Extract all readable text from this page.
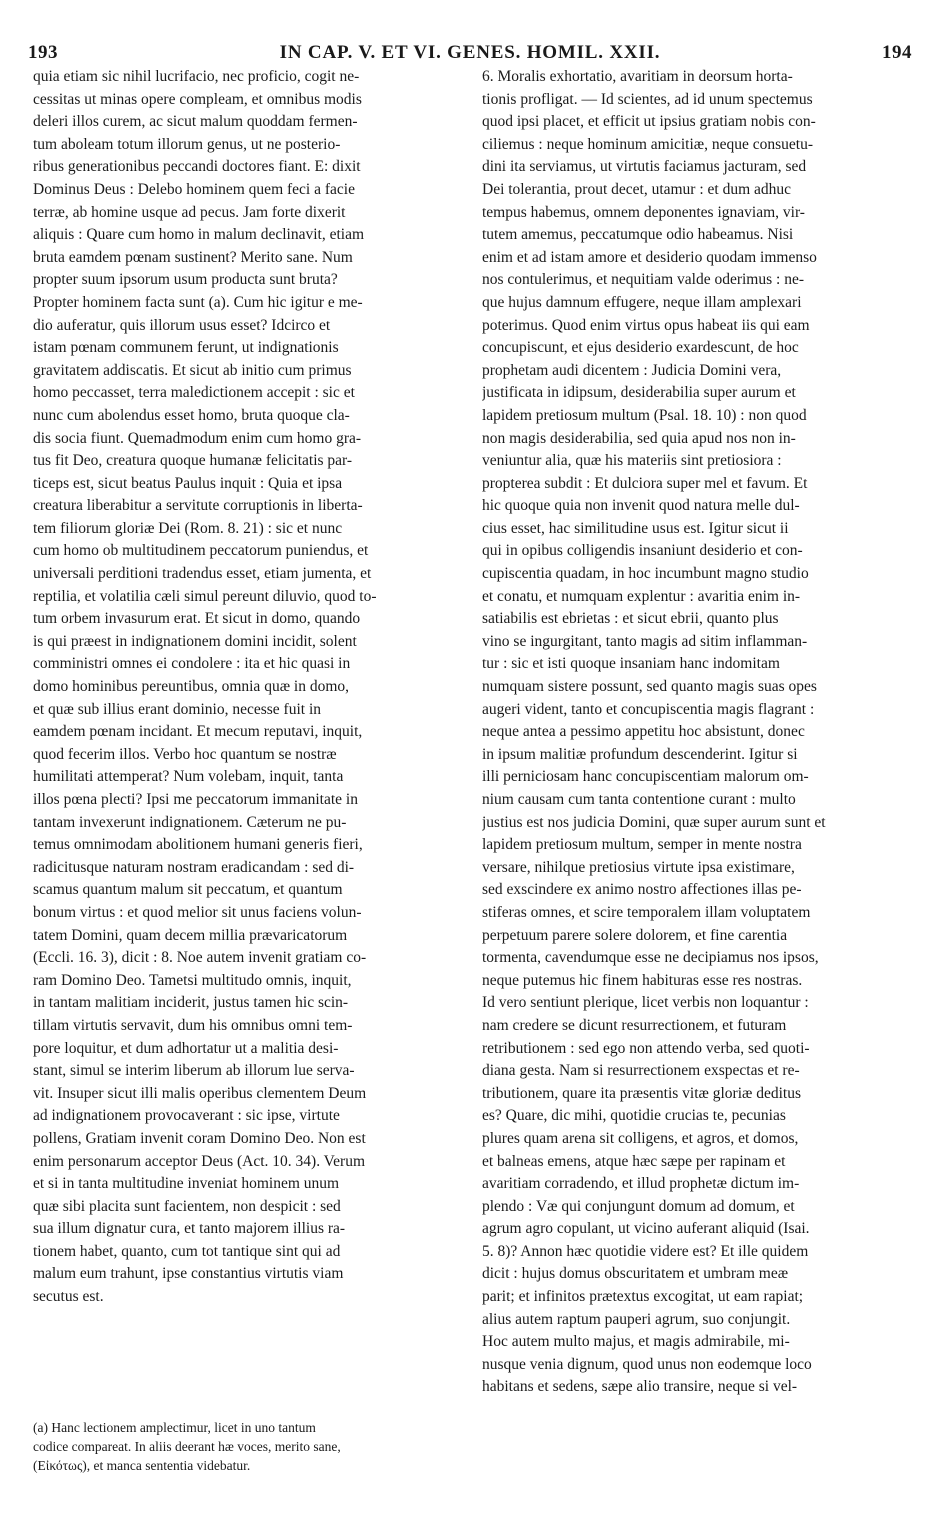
193	IN CAP. V. ET VI. GENES. HOMIL. XXII.	194
quia etiam sic nihil lucrifacio, nec proficio, cogit ne-
cessitas ut minas opere compleam, et omnibus modis
deleri illos curem, ac sicut malum quoddam fermen-
tum aboleam totum illorum genus, ut ne posterio-
ribus generationibus peccandi doctores fiant. E: dixit
Dominus Deus : Delebo hominem quem feci a facie
terræ, ab homine usque ad pecus. Jam forte dixerit
aliquis : Quare cum homo in malum declinavit, etiam
bruta eamdem pœnam sustinent? Merito sane. Num
propter suum ipsorum usum producta sunt bruta?
Propter hominem facta sunt (a). Cum hic igitur e me-
dio auferatur, quis illorum usus esset? Idcirco et
istam pœnam communem ferunt, ut indignationis
gravitatem addiscatis. Et sicut ab initio cum primus
homo peccasset, terra maledictionem accepit : sic et
nunc cum abolendus esset homo, bruta quoque cla-
dis socia fiunt. Quemadmodum enim cum homo gra-
tus fit Deo, creatura quoque humanæ felicitatis par-
ticeps est, sicut beatus Paulus inquit : Quia et ipsa
creatura liberabitur a servitute corruptionis in liberta-
tem filiorum gloriæ Dei (Rom. 8. 21) : sic et nunc
cum homo ob multitudinem peccatorum puniendus, et
universali perditioni tradendus esset, etiam jumenta, et
reptilia, et volatilia cæli simul pereunt diluvio, quod to-
tum orbem invasurum erat. Et sicut in domo, quando
is qui præest in indignationem domini incidit, solent
comministri omnes ei condolere : ita et hic quasi in
domo hominibus pereuntibus, omnia quæ in domo,
et quæ sub illius erant dominio, necesse fuit in
eamdem pœnam incidant. Et mecum reputavi, inquit,
quod fecerim illos. Verbo hoc quantum se nostræ
humilitati attemperat? Num volebam, inquit, tanta
illos pœna plecti? Ipsi me peccatorum immanitate in
tantam invexerunt indignationem. Cæterum ne pu-
temus omnimodam abolitionem humani generis fieri,
radicitusque naturam nostram eradicandam : sed di-
scamus quantum malum sit peccatum, et quantum
bonum virtus : et quod melior sit unus faciens volun-
tatem Domini, quam decem millia prævaricatorum
(Eccli. 16. 3), dicit : 8. Noe autem invenit gratiam co-
ram Domino Deo. Tametsi multitudo omnis, inquit,
in tantam malitiam inciderit, justus tamen hic scin-
tillam virtutis servavit, dum his omnibus omni tem-
pore loquitur, et dum adhortatur ut a malitia desi-
stant, simul se interim liberum ab illorum lue serva-
vit. Insuper sicut illi malis operibus clementem Deum
ad indignationem provocaverant : sic ipse, virtute
pollens, Gratiam invenit coram Domino Deo. Non est
enim personarum acceptor Deus (Act. 10. 34). Verum
et si in tanta multitudine inveniat hominem unum
quæ sibi placita sunt facientem, non despicit : sed
sua illum dignatur cura, et tanto majorem illius ra-
tionem habet, quanto, cum tot tantique sint qui ad
malum eum trahunt, ipse constantius virtutis viam
secutus est.
6. Moralis exhortatio, avaritiam in deorsum horta-
tionis profligat. — Id scientes, ad id unum spectemus
quod ipsi placet, et efficit ut ipsius gratiam nobis con-
ciliemus : neque hominum amicitiæ, neque consuetu-
dini ita serviamus, ut virtutis faciamus jacturam, sed
Dei tolerantia, prout decet, utamur : et dum adhuc
tempus habemus, omnem deponentes ignaviam, vir-
tutem amemus, peccatumque odio habeamus. Nisi
enim et ad istam amore et desiderio quodam immenso
nos contulerimus, et nequitiam valde oderimus : ne-
que hujus damnum effugere, neque illam amplexari
poterimus. Quod enim virtus opus habeat iis qui eam
concupiscunt, et ejus desiderio exardescunt, de hoc
prophetam audi dicentem : Judicia Domini vera,
justificata in idipsum, desiderabilia super aurum et
lapidem pretiosum multum (Psal. 18. 10) : non quod
non magis desiderabilia, sed quia apud nos non in-
veniuntur alia, quæ his materiis sint pretiosiora :
propterea subdit : Et dulciora super mel et favum. Et
hic quoque quia non invenit quod natura melle dul-
cius esset, hac similitudine usus est. Igitur sicut ii
qui in opibus colligendis insaniunt desiderio et con-
cupiscentia quadam, in hoc incumbunt magno studio
et conatu, et numquam explentur : avaritia enim in-
satiabilis est ebrietas : et sicut ebrii, quanto plus
vino se ingurgitant, tanto magis ad sitim inflamman-
tur : sic et isti quoque insaniam hanc indomitam
numquam sistere possunt, sed quanto magis suas opes
augeri vident, tanto et concupiscentia magis flagrant :
neque antea a pessimo appetitu hoc absistunt, donec
in ipsum malitiæ profundum descenderint. Igitur si
illi perniciosam hanc concupiscentiam malorum om-
nium causam cum tanta contentione curant : multo
justius est nos judicia Domini, quæ super aurum sunt et
lapidem pretiosum multum, semper in mente nostra
versare, nihilque pretiosius virtute ipsa existimare,
sed exscindere ex animo nostro affectiones illas pe-
stiferas omnes, et scire temporalem illam voluptatem
perpetuum parere solere dolorem, et fine carentia
tormenta, cavendumque esse ne decipiamus nos ipsos,
neque putemus hic finem habituras esse res nostras.
Id vero sentiunt plerique, licet verbis non loquantur :
nam credere se dicunt resurrectionem, et futuram
retributionem : sed ego non attendo verba, sed quoti-
diana gesta. Nam si resurrectionem exspectas et re-
tributionem, quare ita præsentis vitæ gloriæ deditus
es? Quare, dic mihi, quotidie crucias te, pecunias
plures quam arena sit colligens, et agros, et domos,
et balneas emens, atque hæc sæpe per rapinam et
avaritiam corradendo, et illud prophetæ dictum im-
plendo : Væ qui conjungunt domum ad domum, et
agrum agro copulant, ut vicino auferant aliquid (Isai.
5. 8)? Annon hæc quotidie videre est? Et ille quidem
dicit : hujus domus obscuritatem et umbram meæ
parit; et infinitos prætextus excogitat, ut eam rapiat;
alius autem raptum pauperi agrum, suo conjungit.
Hoc autem multo majus, et magis admirabile, mi-
nusque venia dignum, quod unus non eodemque loco
habitans et sedens, sæpe alio transire, neque si vel-
(a) Hanc lectionem amplectimur, licet in uno tantum
codice compareat. In aliis deerant hæ voces, merito sane,
(Εἰκότως), et manca sententia videbatur.
